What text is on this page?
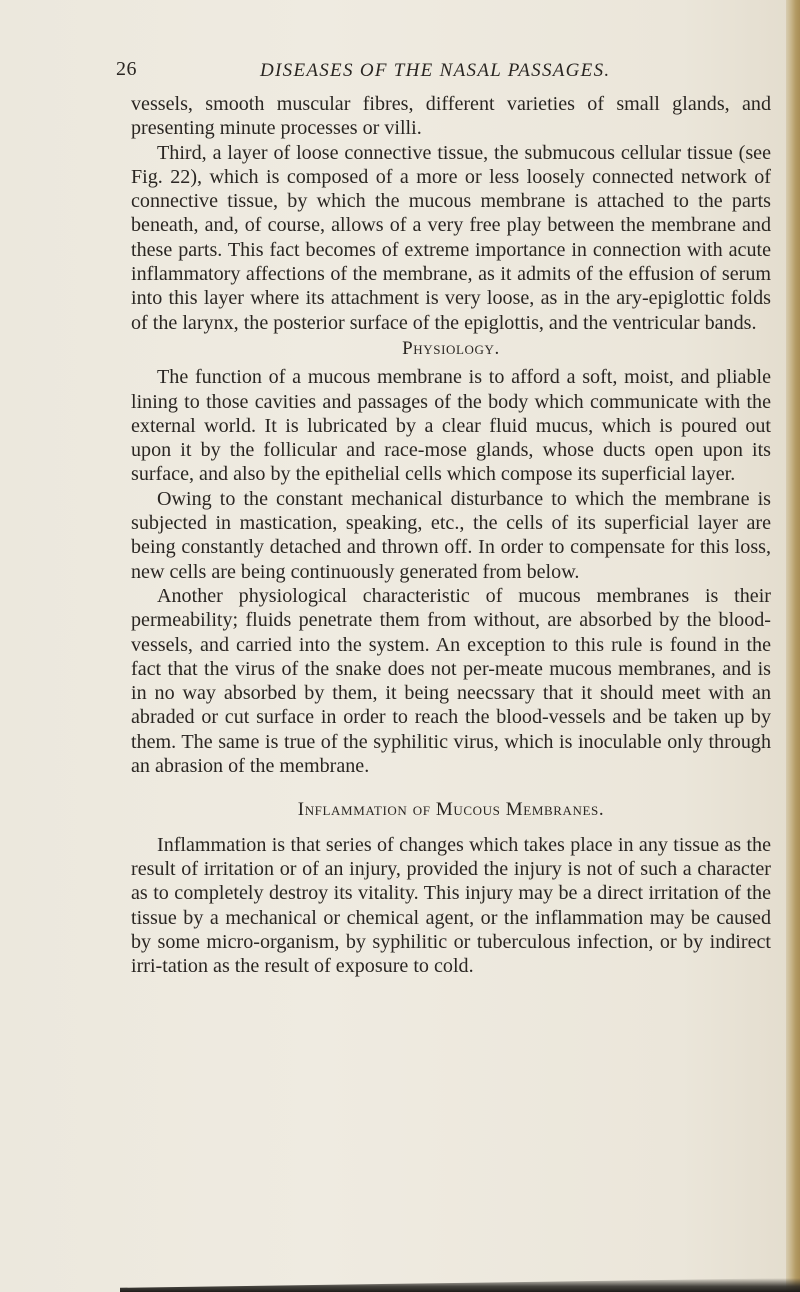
26	DISEASES OF THE NASAL PASSAGES.

vessels, smooth muscular fibres, different varieties of small glands, and presenting minute processes or villi.

Third, a layer of loose connective tissue, the submucous cellular tissue (see Fig. 22), which is composed of a more or less loosely connected network of connective tissue, by which the mucous membrane is attached to the parts beneath, and, of course, allows of a very free play between the membrane and these parts. This fact becomes of extreme importance in connection with acute inflammatory affections of the membrane, as it admits of the effusion of serum into this layer where its attachment is very loose, as in the ary-epiglottic folds of the larynx, the posterior surface of the epiglottis, and the ventricular bands.

Physiology.

The function of a mucous membrane is to afford a soft, moist, and pliable lining to those cavities and passages of the body which communicate with the external world. It is lubricated by a clear fluid mucus, which is poured out upon it by the follicular and race-mose glands, whose ducts open upon its surface, and also by the epithelial cells which compose its superficial layer.

Owing to the constant mechanical disturbance to which the membrane is subjected in mastication, speaking, etc., the cells of its superficial layer are being constantly detached and thrown off. In order to compensate for this loss, new cells are being continuously generated from below.

Another physiological characteristic of mucous membranes is their permeability; fluids penetrate them from without, are absorbed by the blood-vessels, and carried into the system. An exception to this rule is found in the fact that the virus of the snake does not per-meate mucous membranes, and is in no way absorbed by them, it being neecssary that it should meet with an abraded or cut surface in order to reach the blood-vessels and be taken up by them. The same is true of the syphilitic virus, which is inoculable only through an abrasion of the membrane.

Inflammation of Mucous Membranes.

Inflammation is that series of changes which takes place in any tissue as the result of irritation or of an injury, provided the injury is not of such a character as to completely destroy its vitality. This injury may be a direct irritation of the tissue by a mechanical or chemical agent, or the inflammation may be caused by some micro-organism, by syphilitic or tuberculous infection, or by indirect irri-tation as the result of exposure to cold.
